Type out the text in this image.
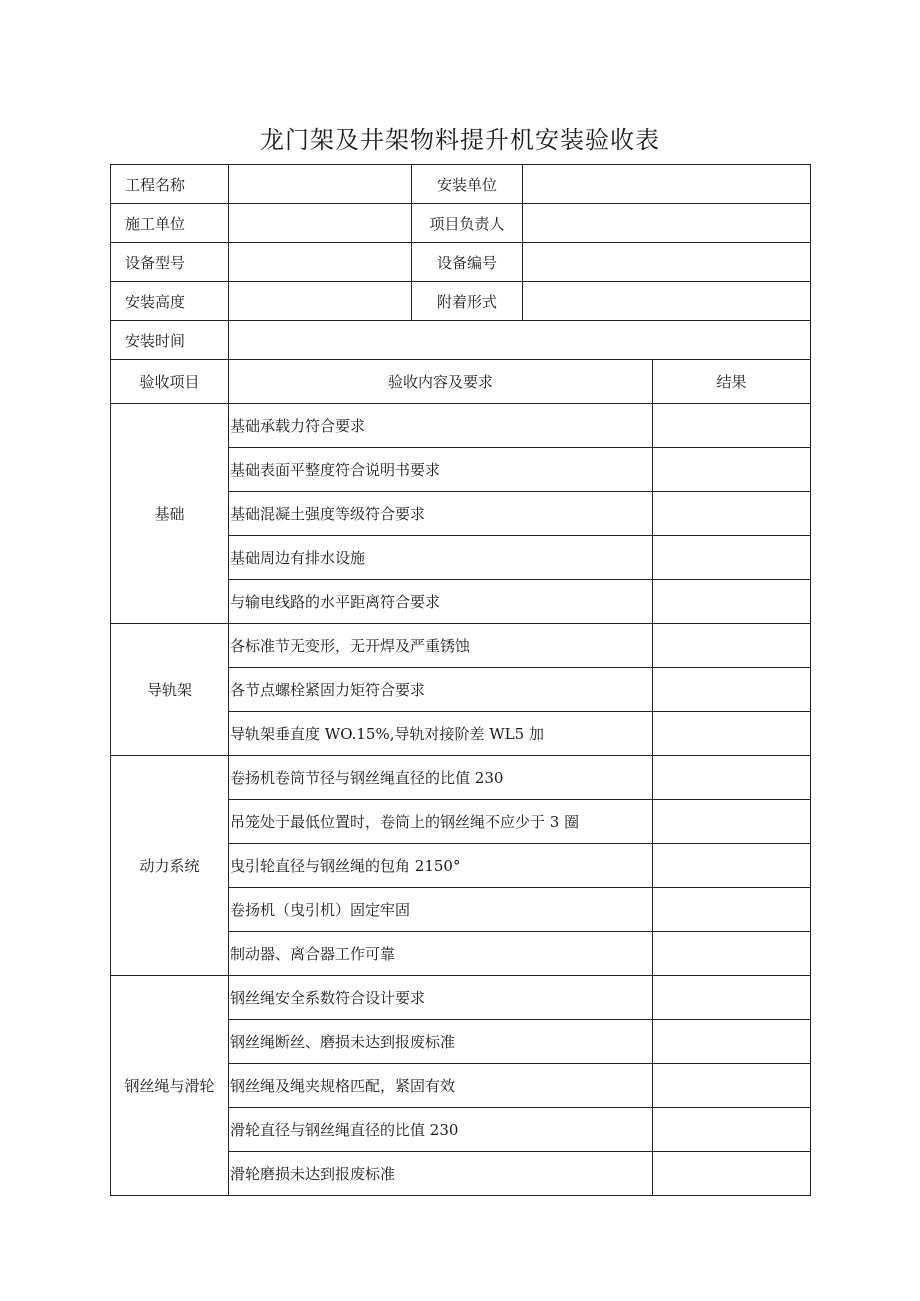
龙门架及井架物料提升机安装验收表
工程名称		安装单位		
施工单位		项目负责人		
设备型号		设备编号		
安装高度		附着形式		
安装时间				
验收项目	验收内容及要求			结果
基础	基础承载力符合要求			
	基础表面平整度符合说明书要求			
	基础混凝土强度等级符合要求			
	基础周边有排水设施			
	与输电线路的水平距离符合要求			
导轨架	各标准节无变形，无开焊及严重锈蚀			
	各节点螺栓紧固力矩符合要求			
	导轨架垂直度 WO.15%,导轨对接阶差 WL5 加			
动力系统	卷扬机卷筒节径与钢丝绳直径的比值 230			
	吊笼处于最低位置时，卷筒上的钢丝绳不应少于 3 圈			
	曳引轮直径与钢丝绳的包角 2150°			
	卷扬机（曳引机）固定牢固			
	制动器、离合器工作可靠			
钢丝绳与滑轮	钢丝绳安全系数符合设计要求			
	钢丝绳断丝、磨损未达到报废标准			
	钢丝绳及绳夹规格匹配，紧固有效			
	滑轮直径与钢丝绳直径的比值 230			
	滑轮磨损未达到报废标准			
